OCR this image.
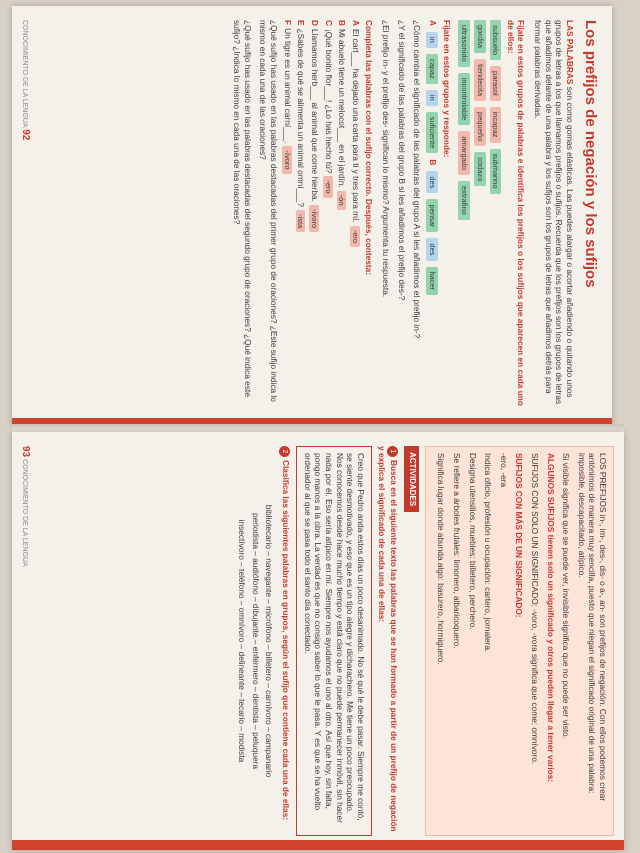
Los prefijos de negación y los sufijos

LAS PALABRAS son como gomas elásticas. Las puedes alargar o acortar añadiendo o quitando unos grupos de letras a los que llamamos prefijos o sufijos. Recuerda que los prefijos son los grupos de letras que añadimos delante de una palabra y los sufijos son los grupos de letras que añadimos detrás para formar palabras derivadas.

Fíjate en estos grupos de palabras e identifica los prefijos o los sufijos que aparecen en cada uno de ellos:
subsuelo
parasol
incapaz
submarino
gordita
tiendecita
pequeño
codazo
ultrasonido
incontrolable
amargado
extrafino
Fíjate en estos grupos y responde:
A
in
capaz
in
suficiente
B
des
pensar
des
hacer

¿Cómo cambia el significado de las palabras del grupo A si les añadimos el prefijo in-?

¿Y el significado de las palabras del grupo B si les añadimos el prefijo des-?

¿El prefijo in- y el prefijo des- significan lo mismo? Argumenta tu respuesta.

Completa las palabras con el sufijo correcto. Después, contesta:
AEl cart___ ha dejado una carta para ti y tres para mí.-ero
BMi abuelo tiene un melocot___ en el jardín.-ón
C¡Qué bonito flor___! ¿Lo has hecho tú?-ero
DLlamamos herb___ al animal que come hierba.-ívoro
E¿Sabes de qué se alimenta un animal omní___?-ista
FUn tigre es un animal carní___.-ívoro

¿Qué sufijo has usado en las palabras destacadas del primer grupo de oraciones? ¿Este sufijo indica lo mismo en cada una de las oraciones?

¿Qué sufijo has usado en las palabras destacadas del segundo grupo de oraciones? ¿Qué indica este sufijo? ¿Indica lo mismo en cada una de las oraciones?

CONOCIMIENTO DE LA LENGUA 92

LOS PREFIJOS in-, im-, des-, dis- o a-, an- son prefijos de negación. Con ellos podemos crear antónimos de manera muy sencilla, puesto que niegan el significado original de una palabra: imposible, descapacitado, atípico.

Si visible significa que se puede ver, invisible significa que no puede ser visto.

ALGUNOS SUFIJOS tienen solo un significado y otros pueden llegar a tener varios:

SUFIJOS CON SOLO UN SIGNIFICADO: -voro, -vora significa que come: omnívoro.

SUFIJOS CON MÁS DE UN SIGNIFICADO:

-ero, -era

Indica oficio, profesión u ocupación: cartero, jornalera.

Designa utensilios, muebles: billetero, perchero.

Se refiere a árboles frutales: limonero, albaricoquero.

Significa lugar donde abunda algo: basurero, hormiguero.

ACTIVIDADES

1Busca en el siguiente texto las palabras que se han formado a partir de un prefijo de negación y explica el significado de cada una de ellas:

Creo que Pedro anda estos días un poco desanimado. No sé qué le debe pasar. Siempre me contó, se siente desmotivado, y eso que es un tipo alegre y dicharachero. Me tiene un poco preocupado. Nos conocemos desde hace mucho tiempo y está claro que no puede permanecer inmóvil, sin hacer nada por él. Eso sería atípico en mí. Siempre nos ayudamos el uno al otro. Así que hoy, sin falta, pongo manos a la obra. La verdad es que no consigo saber lo que le pasa. Y es que se ha vuelto ordenador al que se pasa todo el santo día conectado.

2Clasifica las siguientes palabras en grupos, según el sufijo que contiene cada una de ellas:

bibliotecario – navegante – micrófono – billetero – carnívoro – campanario
periodista – audiófono – dibujante – enfermero – dentista – peluquera
insectívoro – teléfono – omnívoro – delineante – tecario – modista
93 CONOCIMIENTO DE LA LENGUA
